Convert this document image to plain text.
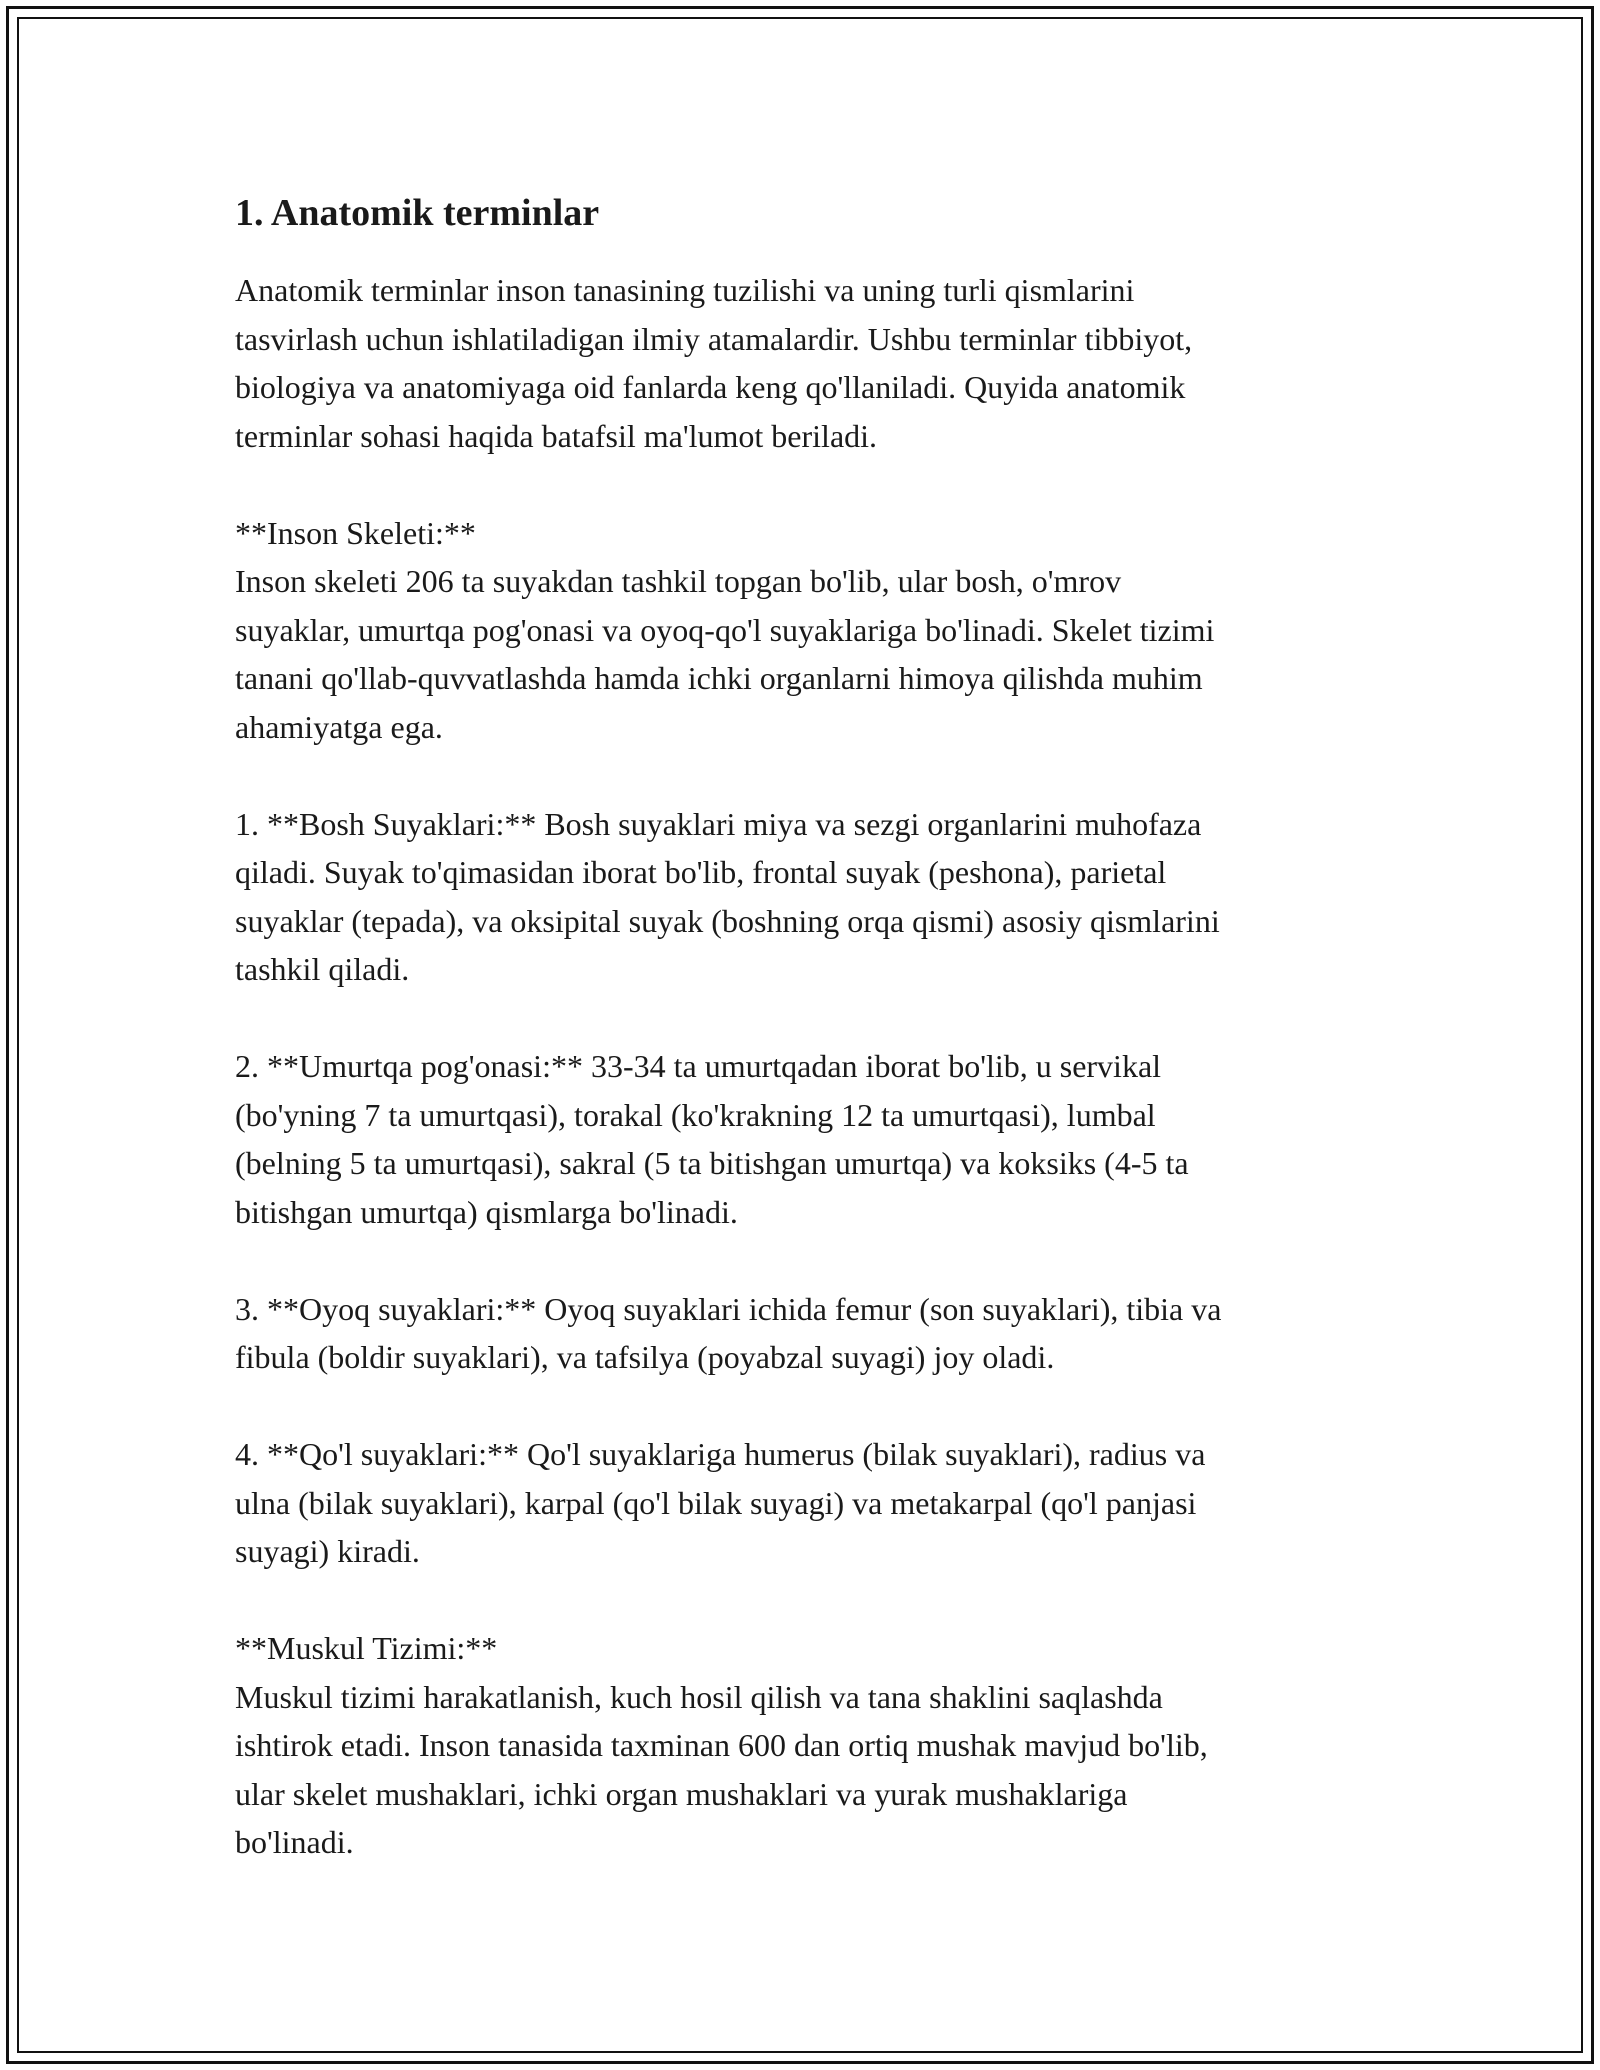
1. Anatomik terminlar

Anatomik terminlar inson tanasining tuzilishi va uning turli qismlarini
tasvirlash uchun ishlatiladigan ilmiy atamalardir. Ushbu terminlar tibbiyot,
biologiya va anatomiyaga oid fanlarda keng qo'llaniladi. Quyida anatomik
terminlar sohasi haqida batafsil ma'lumot beriladi.

**Inson Skeleti:**

Inson skeleti 206 ta suyakdan tashkil topgan bo'lib, ular bosh, o'mrov
suyaklar, umurtqa pog'onasi va oyoq-qo'l suyaklariga bo'linadi. Skelet tizimi
tanani qo'llab-quvvatlashda hamda ichki organlarni himoya qilishda muhim
ahamiyatga ega.

1. **Bosh Suyaklari:** Bosh suyaklari miya va sezgi organlarini muhofaza
qiladi. Suyak to'qimasidan iborat bo'lib, frontal suyak (peshona), parietal
suyaklar (tepada), va oksipital suyak (boshning orqa qismi) asosiy qismlarini
tashkil qiladi.

2. **Umurtqa pog'onasi:** 33-34 ta umurtqadan iborat bo'lib, u servikal
(bo'yning 7 ta umurtqasi), torakal (ko'krakning 12 ta umurtqasi), lumbal
(belning 5 ta umurtqasi), sakral (5 ta bitishgan umurtqa) va koksiks (4-5 ta
bitishgan umurtqa) qismlarga bo'linadi.

3. **Oyoq suyaklari:** Oyoq suyaklari ichida femur (son suyaklari), tibia va
fibula (boldir suyaklari), va tafsilya (poyabzal suyagi) joy oladi.

4. **Qo'l suyaklari:** Qo'l suyaklariga humerus (bilak suyaklari), radius va
ulna (bilak suyaklari), karpal (qo'l bilak suyagi) va metakarpal (qo'l panjasi
suyagi) kiradi.

**Muskul Tizimi:**

Muskul tizimi harakatlanish, kuch hosil qilish va tana shaklini saqlashda
ishtirok etadi. Inson tanasida taxminan 600 dan ortiq mushak mavjud bo'lib,
ular skelet mushaklari, ichki organ mushaklari va yurak mushaklariga
bo'linadi.
